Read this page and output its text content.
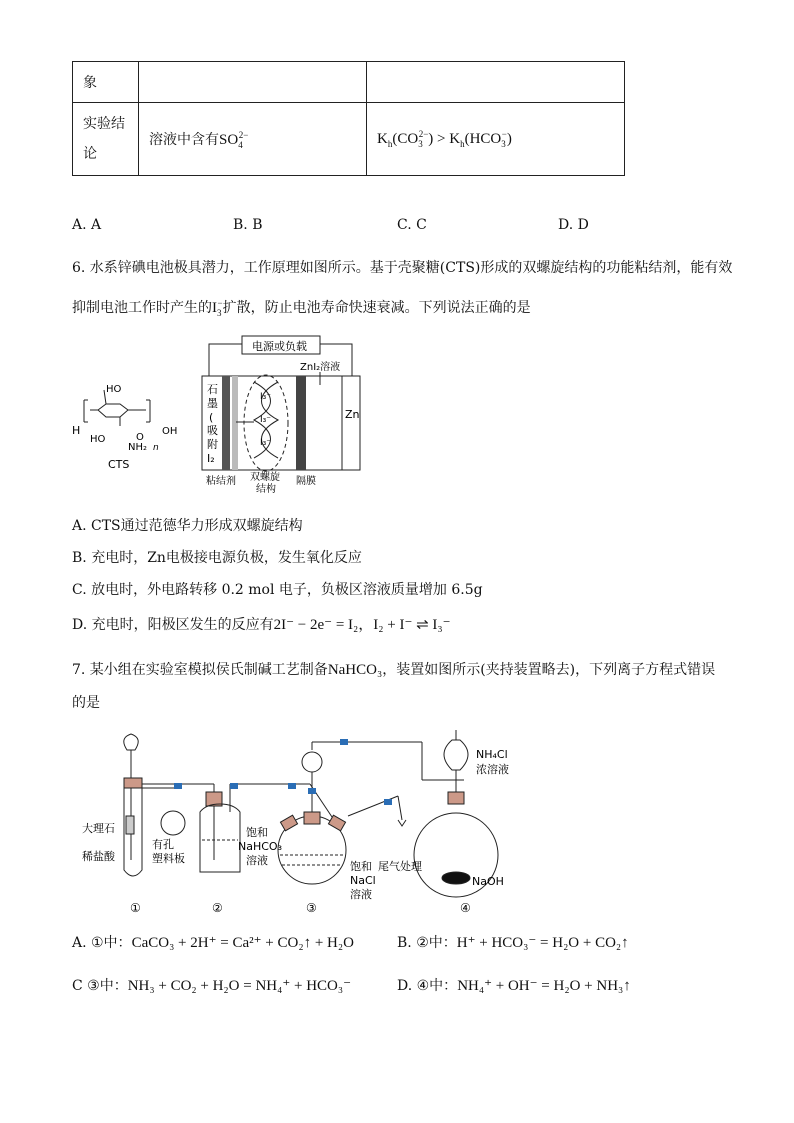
象		

实验结
论	溶液中含有$SO_4^{2-}$	$K_h(CO_3^{2-}) > K_h(HCO_3^-)$
A. A	B. B	C. C	D. D
6. 水系锌碘电池极具潜力，工作原理如图所示。基于壳聚糖(CTS)形成的双螺旋结构的功能粘结剂，能有效
抑制电池工作时产生的$I_3^-$扩散，防止电池寿命快速衰减。下列说法正确的是
H
HO
HO	O
OH
NH₂ n
CTS
电源或负载
石
墨
(
吸
附
I₂
Zn
ZnI₂溶液
I₃⁻
I₃⁻
I₃⁻
粘结剂 双螺旋
结构
隔膜
A. CTS通过范德华力形成双螺旋结构
B. 充电时，Zn电极接电源负极，发生氧化反应
C. 放电时，外电路转移 0.2 mol 电子，负极区溶液质量增加 6.5g
D. 充电时，阳极区发生的反应有2I⁻ − 2e⁻ = I₂，I₂ + I⁻ ⇌ I₃⁻
7. 某小组在实验室模拟侯氏制碱工艺制备NaHCO₃，装置如图所示(夹持装置略去)，下列离子方程式错误
的是
大理石
稀盐酸
有孔
塑料板
饱和
NaHCO₃
溶液	饱和
NaCl
溶液
尾气处理
NH₄Cl
浓溶液
NaOH
①	②	③	④
A. ①中：CaCO₃ + 2H⁺ = Ca²⁺ + CO₂↑ + H₂O	B. ②中：H⁺ + HCO₃⁻ = H₂O + CO₂↑
C ③中：NH₃ + CO₂ + H₂O = NH₄⁺ + HCO₃⁻	D. ④中：NH₄⁺ + OH⁻ = H₂O + NH₃↑
